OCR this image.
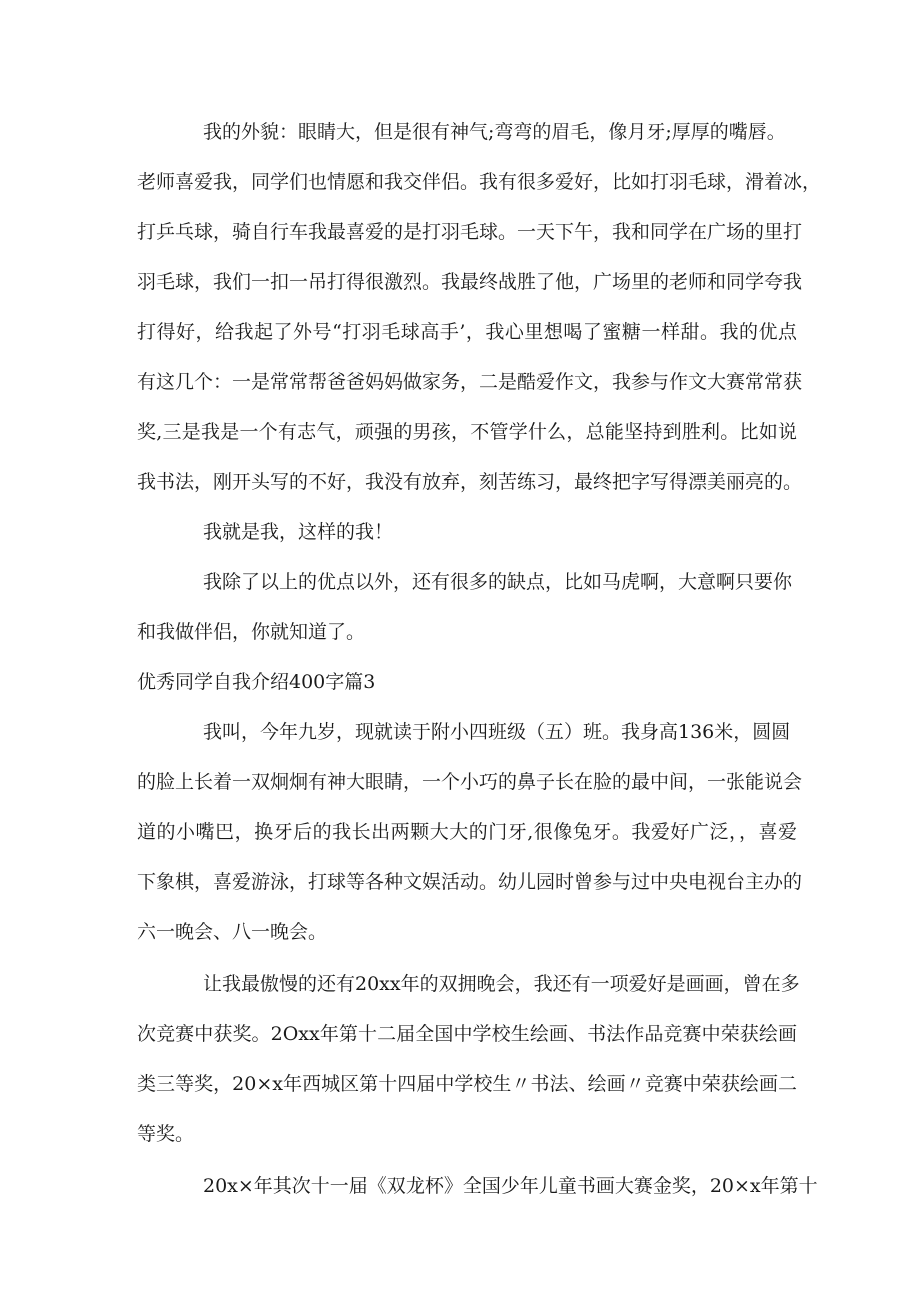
我的外貌：眼睛大，但是很有神气;弯弯的眉毛，像月牙;厚厚的嘴唇。
老师喜爱我，同学们也情愿和我交伴侣。我有很多爱好，比如打羽毛球，滑着冰，
打乒乓球，骑自行车我最喜爱的是打羽毛球。一天下午，我和同学在广场的里打
羽毛球，我们一扣一吊打得很激烈。我最终战胜了他，广场里的老师和同学夸我
打得好，给我起了外号“打羽毛球高手’，我心里想喝了蜜糖一样甜。我的优点
有这几个：一是常常帮爸爸妈妈做家务，二是酷爱作文，我参与作文大赛常常获
奖,三是我是一个有志气，顽强的男孩，不管学什么，总能坚持到胜利。比如说
我书法，刚开头写的不好，我没有放弃，刻苦练习，最终把字写得漂美丽亮的。
我就是我，这样的我！
我除了以上的优点以外，还有很多的缺点，比如马虎啊，大意啊只要你
和我做伴侣，你就知道了。
优秀同学自我介绍400字篇3
我叫，今年九岁，现就读于附小四班级（五）班。我身高136米，圆圆
的脸上长着一双炯炯有神大眼睛，一个小巧的鼻子长在脸的最中间，一张能说会
道的小嘴巴，换牙后的我长出两颗大大的门牙,很像兔牙。我爱好广泛，，喜爱
下象棋，喜爱游泳，打球等各种文娱活动。幼儿园时曾参与过中央电视台主办的
六一晚会、八一晚会。
让我最傲慢的还有20xx年的双拥晚会，我还有一项爱好是画画，曾在多
次竞赛中获奖。2Oxx年第十二届全国中学校生绘画、书法作品竞赛中荣获绘画
类三等奖，20×x年西城区第十四届中学校生〃书法、绘画〃竞赛中荣获绘画二
等奖。
20x×年其次十一届《双龙杯》全国少年儿童书画大赛金奖，20×x年第十
